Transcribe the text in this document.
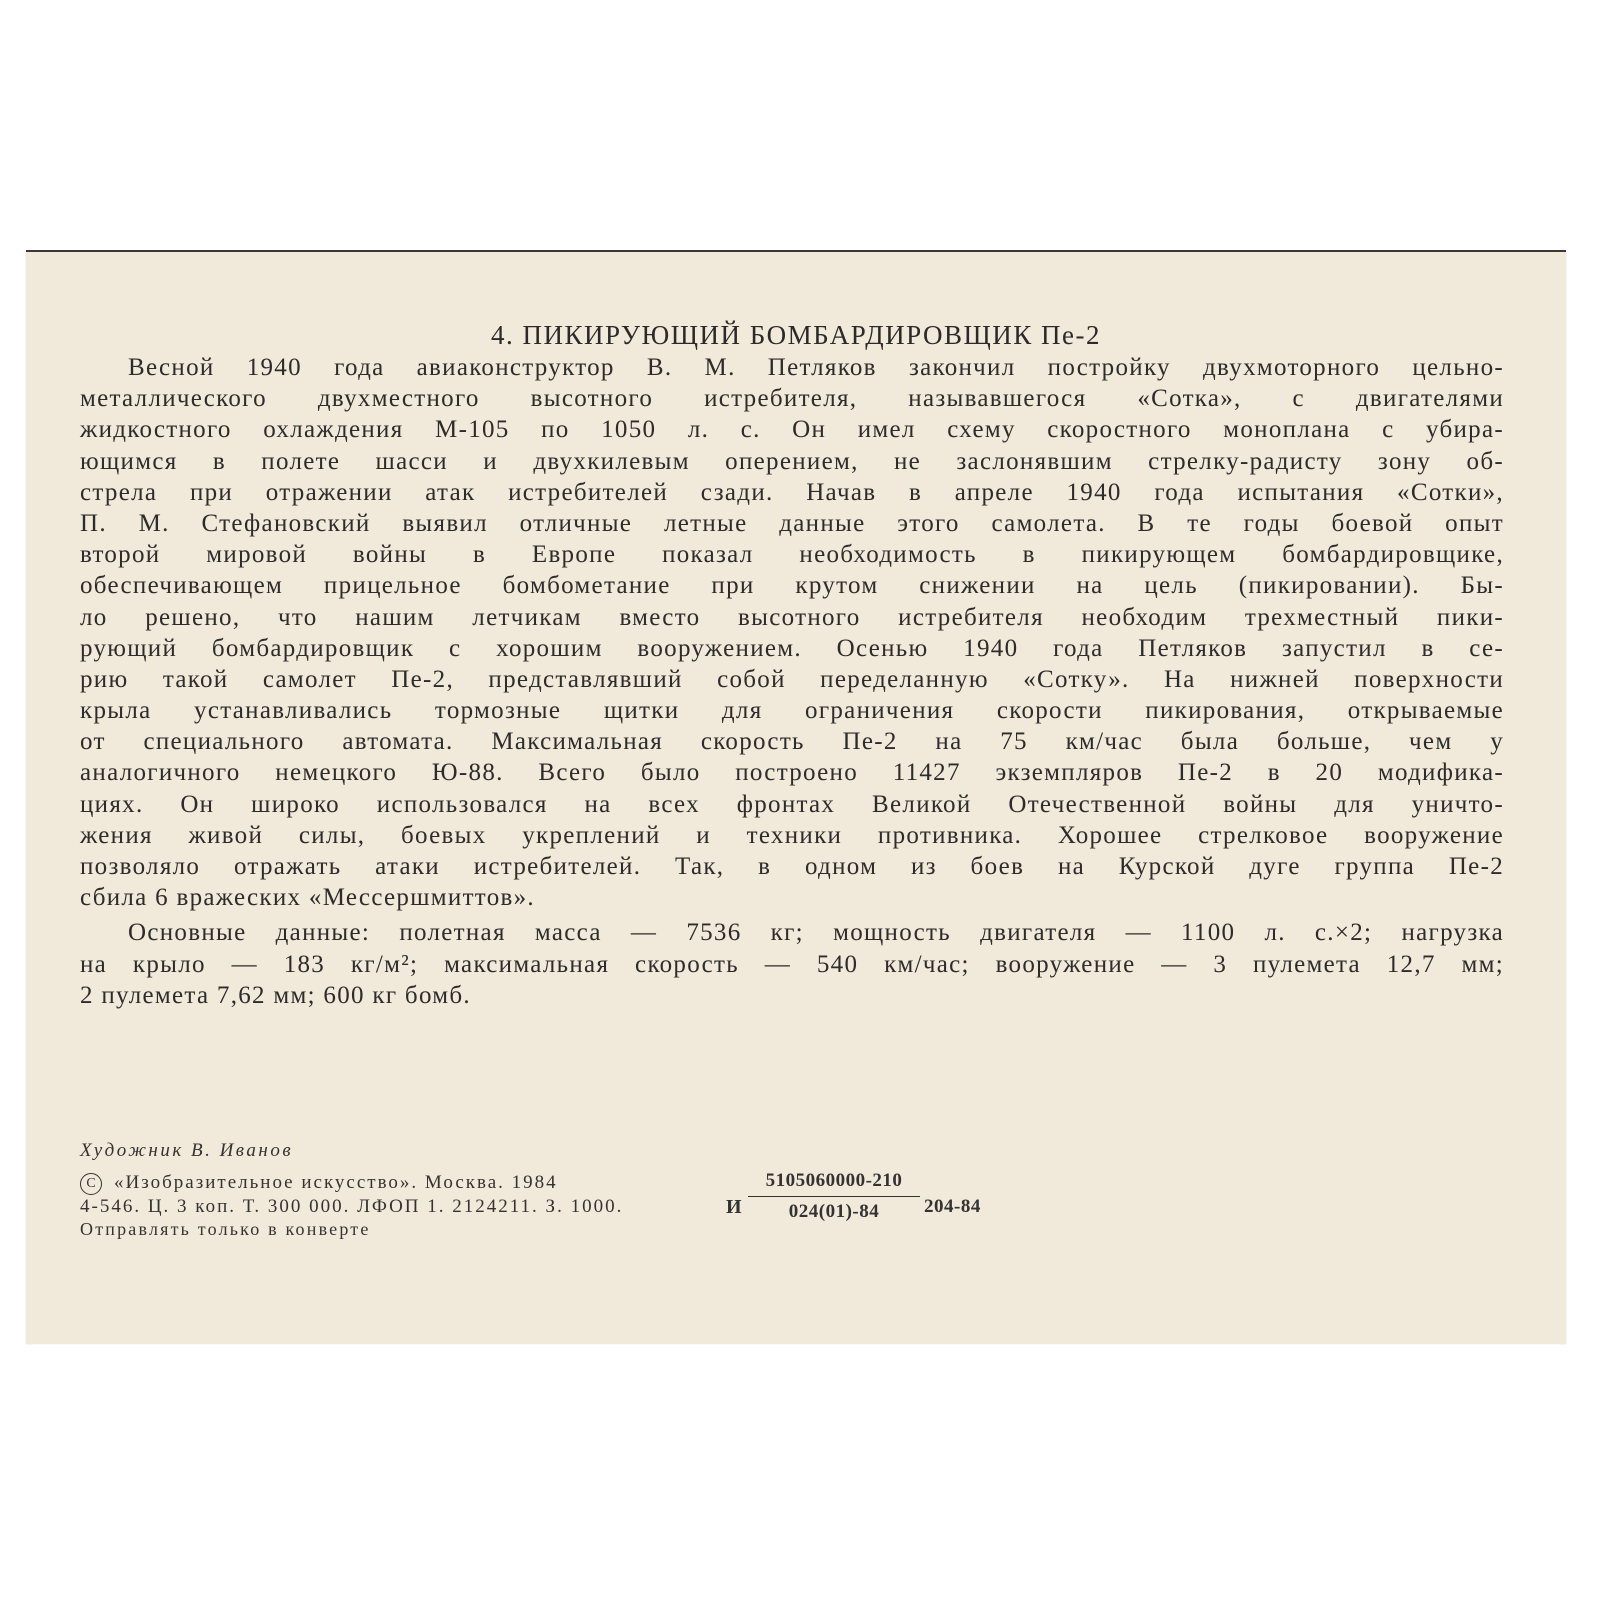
4. ПИКИРУЮЩИЙ БОМБАРДИРОВЩИК Пе-2
Весной 1940 года авиаконструктор В. М. Петляков закончил постройку двухмоторного цельно-
металлического двухместного высотного истребителя, называвшегося «Сотка», с двигателями
жидкостного охлаждения М-105 по 1050 л. с. Он имел схему скоростного моноплана с убира-
ющимся в полете шасси и двухкилевым оперением, не заслонявшим стрелку-радисту зону об-
стрела при отражении атак истребителей сзади. Начав в апреле 1940 года испытания «Сотки»,
П. М. Стефановский выявил отличные летные данные этого самолета. В те годы боевой опыт
второй мировой войны в Европе показал необходимость в пикирующем бомбардировщике,
обеспечивающем прицельное бомбометание при крутом снижении на цель (пикировании). Бы-
ло решено, что нашим летчикам вместо высотного истребителя необходим трехместный пики-
рующий бомбардировщик с хорошим вооружением. Осенью 1940 года Петляков запустил в се-
рию такой самолет Пе-2, представлявший собой переделанную «Сотку». На нижней поверхности
крыла устанавливались тормозные щитки для ограничения скорости пикирования, открываемые
от специального автомата. Максимальная скорость Пе-2 на 75 км/час была больше, чем у
аналогичного немецкого Ю-88. Всего было построено 11427 экземпляров Пе-2 в 20 модифика-
циях. Он широко использовался на всех фронтах Великой Отечественной войны для уничто-
жения живой силы, боевых укреплений и техники противника. Хорошее стрелковое вооружение
позволяло отражать атаки истребителей. Так, в одном из боев на Курской дуге группа Пе-2
сбила 6 вражеских «Мессершмиттов».
Основные данные: полетная масса — 7536 кг; мощность двигателя — 1100 л. с.×2; нагрузка
на крыло — 183 кг/м²; максимальная скорость — 540 км/час; вооружение — 3 пулемета 12,7 мм;
2 пулемета 7,62 мм; 600 кг бомб.
Художник В. Иванов
С «Изобразительное искусство». Москва. 1984
4-546. Ц. 3 коп. Т. 300 000. ЛФОП 1. 2124211. З. 1000.	И $\frac{5105060000-210}{024(01)-84} 204-84$
Отправлять только в конверте
